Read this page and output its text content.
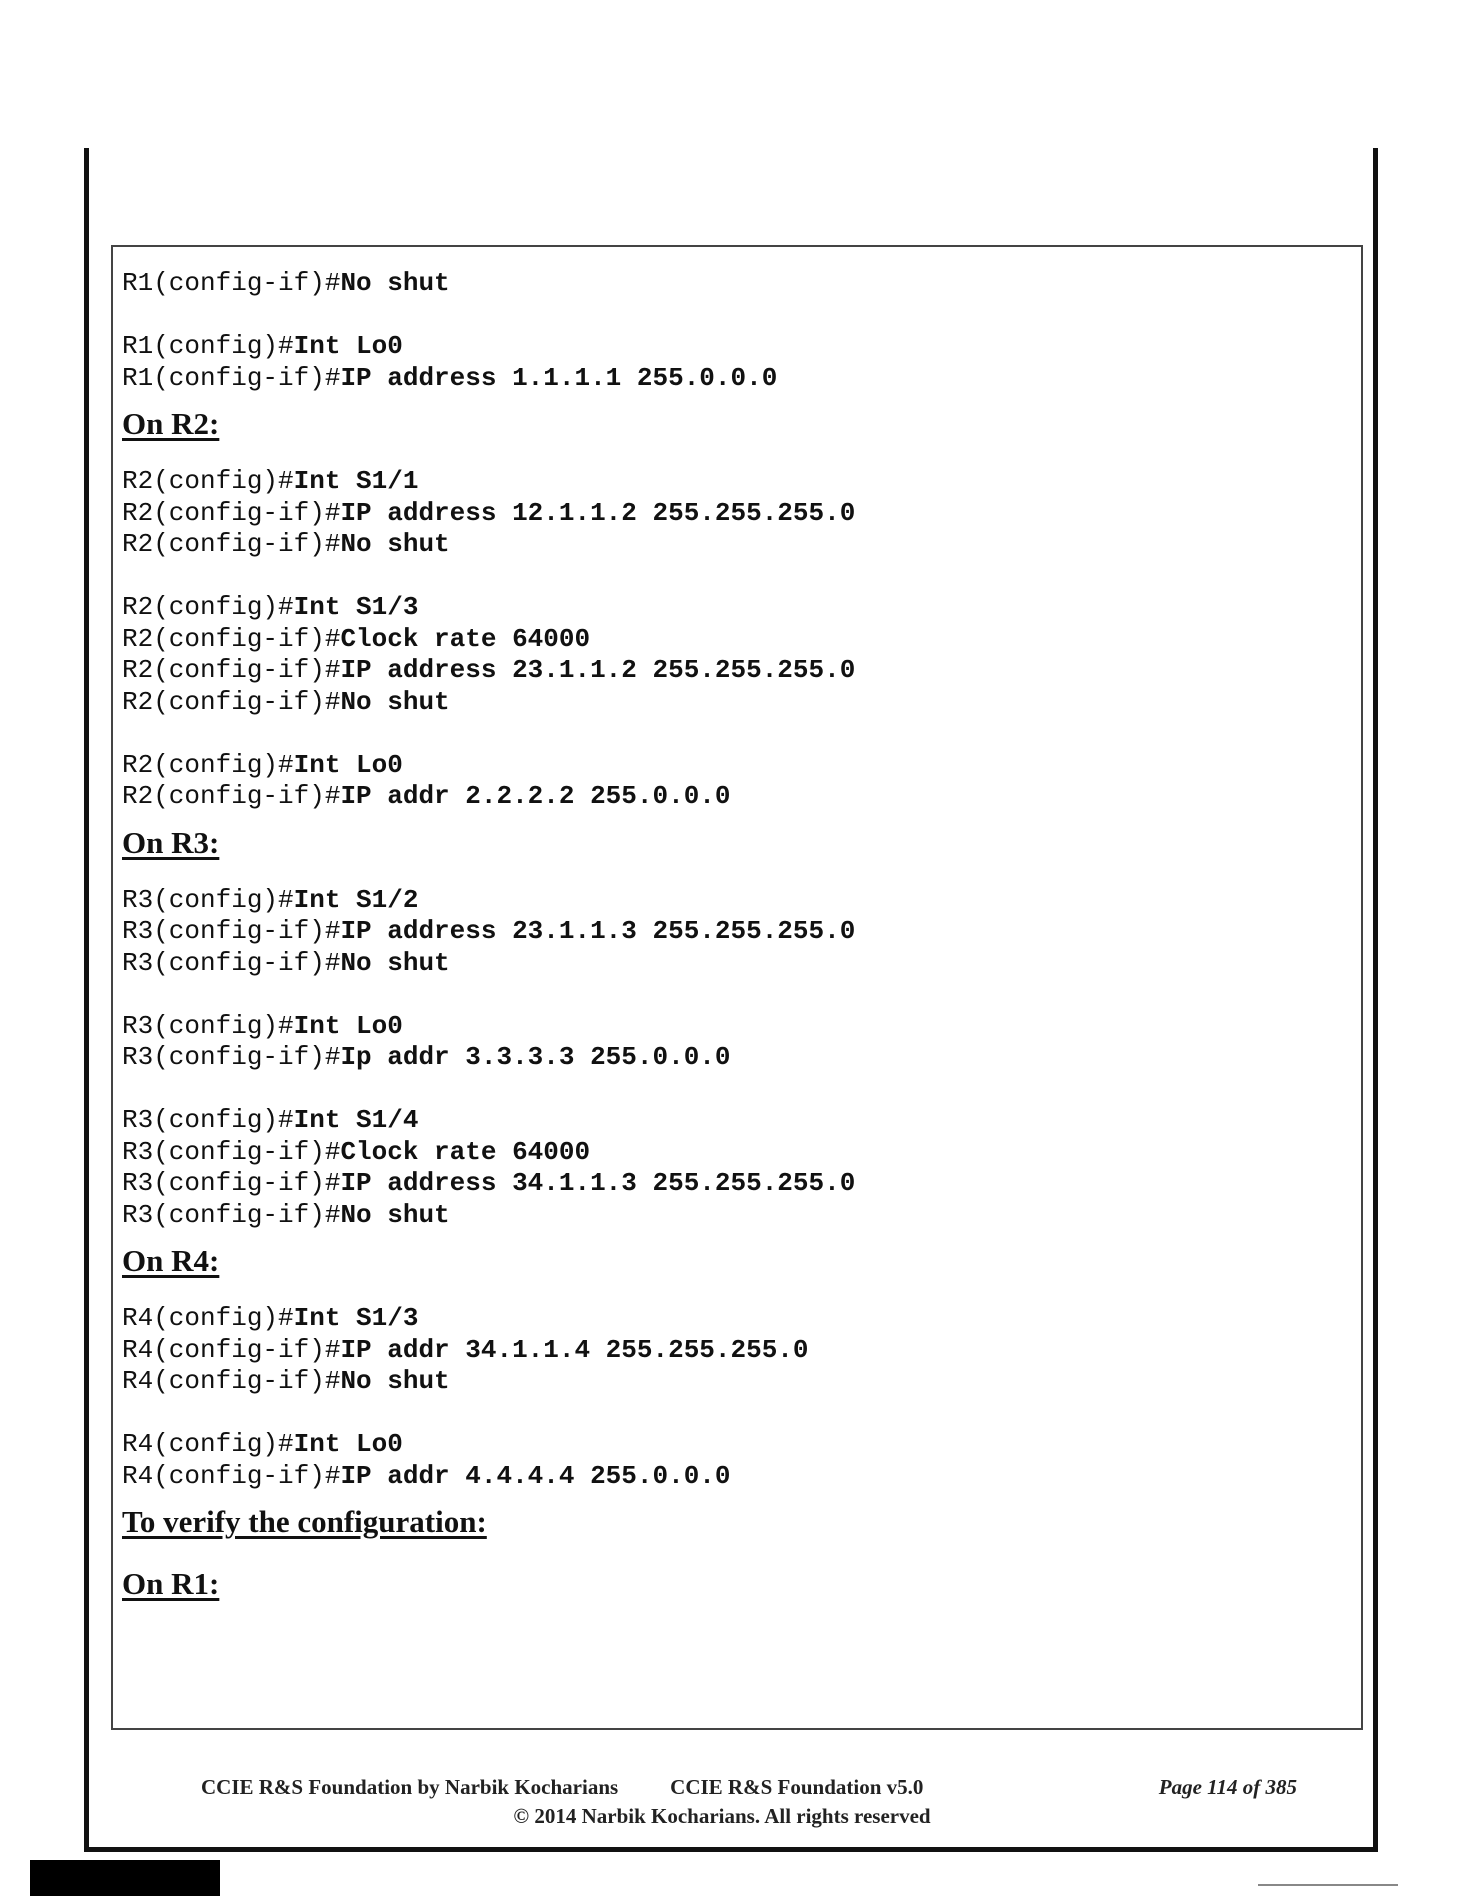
R1(config-if)#No shut
R1(config)#Int Lo0
R1(config-if)#IP address 1.1.1.1 255.0.0.0
On R2:
R2(config)#Int S1/1
R2(config-if)#IP address 12.1.1.2 255.255.255.0
R2(config-if)#No shut
R2(config)#Int S1/3
R2(config-if)#Clock rate 64000
R2(config-if)#IP address 23.1.1.2 255.255.255.0
R2(config-if)#No shut
R2(config)#Int Lo0
R2(config-if)#IP addr 2.2.2.2 255.0.0.0
On R3:
R3(config)#Int S1/2
R3(config-if)#IP address 23.1.1.3 255.255.255.0
R3(config-if)#No shut
R3(config)#Int Lo0
R3(config-if)#Ip addr 3.3.3.3 255.0.0.0
R3(config)#Int S1/4
R3(config-if)#Clock rate 64000
R3(config-if)#IP address 34.1.1.3 255.255.255.0
R3(config-if)#No shut
On R4:
R4(config)#Int S1/3
R4(config-if)#IP addr 34.1.1.4 255.255.255.0
R4(config-if)#No shut
R4(config)#Int Lo0
R4(config-if)#IP addr 4.4.4.4 255.0.0.0
To verify the configuration:
On R1:
CCIE R&S Foundation by Narbik Kocharians CCIE R&S Foundation v5.0	Page 114 of 385
© 2014 Narbik Kocharians. All rights reserved
